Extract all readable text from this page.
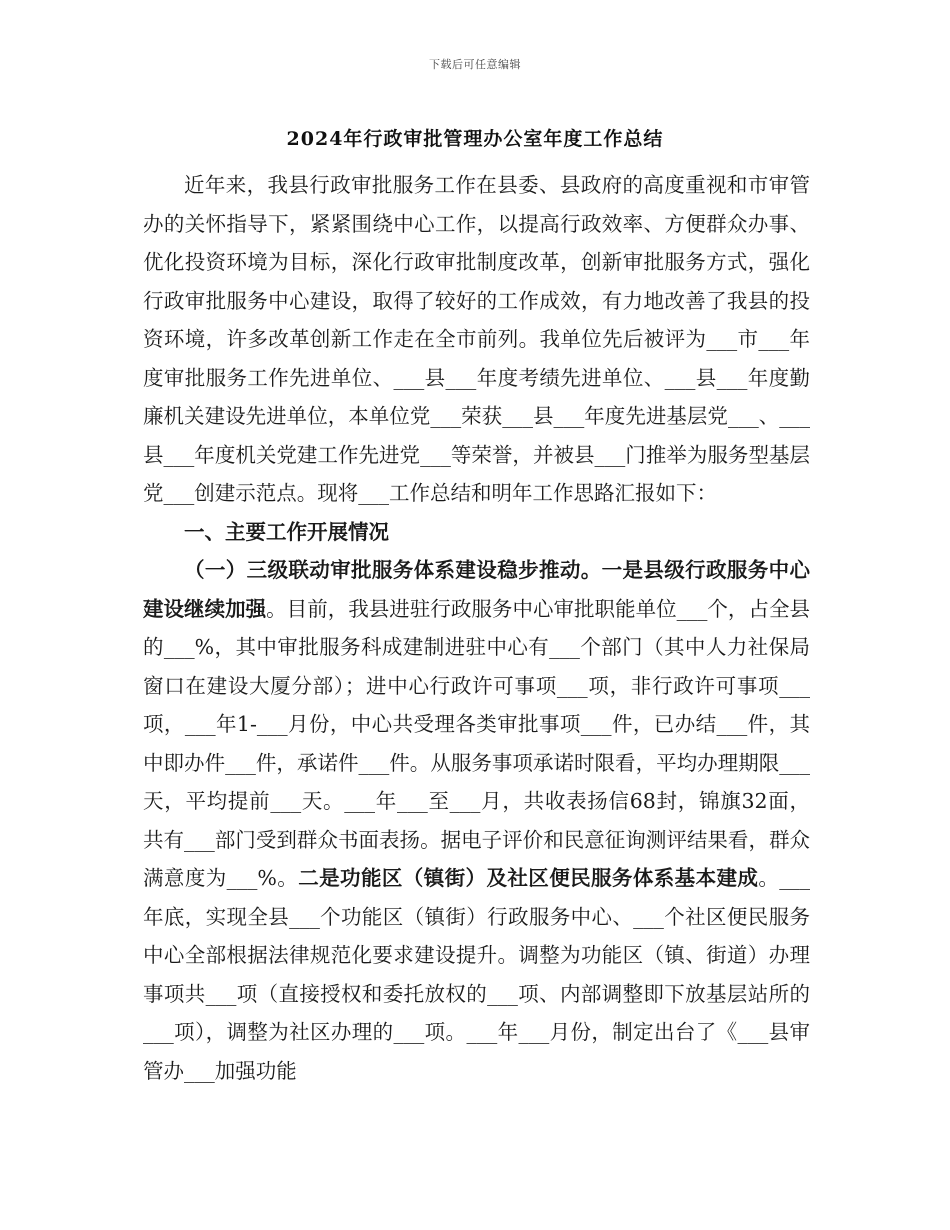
下载后可任意编辑
2024年行政审批管理办公室年度工作总结

近年来，我县行政审批服务工作在县委、县政府的高度重视和市审管办的关怀指导下，紧紧围绕中心工作，以提高行政效率、方便群众办事、优化投资环境为目标，深化行政审批制度改革，创新审批服务方式，强化行政审批服务中心建设，取得了较好的工作成效，有力地改善了我县的投资环境，许多改革创新工作走在全市前列。我单位先后被评为___市___年度审批服务工作先进单位、___县___年度考绩先进单位、___县___年度勤廉机关建设先进单位，本单位党___荣获___县___年度先进基层党___、___县___年度机关党建工作先进党___等荣誉，并被县___门推举为服务型基层党___创建示范点。现将___工作总结和明年工作思路汇报如下：

一、主要工作开展情况

（一）三级联动审批服务体系建设稳步推动。一是县级行政服务中心建设继续加强。目前，我县进驻行政服务中心审批职能单位___个，占全县的___%，其中审批服务科成建制进驻中心有___个部门（其中人力社保局窗口在建设大厦分部）；进中心行政许可事项___项，非行政许可事项___项，___年1-___月份，中心共受理各类审批事项___件，已办结___件，其中即办件___件，承诺件___件。从服务事项承诺时限看，平均办理期限___天，平均提前___天。___年___至___月，共收表扬信68封，锦旗32面，共有___部门受到群众书面表扬。据电子评价和民意征询测评结果看，群众满意度为___%。二是功能区（镇街）及社区便民服务体系基本建成。___年底，实现全县___个功能区（镇街）行政服务中心、___个社区便民服务中心全部根据法律规范化要求建设提升。调整为功能区（镇、街道）办理事项共___项（直接授权和委托放权的___项、内部调整即下放基层站所的___项），调整为社区办理的___项。___年___月份，制定出台了《___县审管办___加强功能
